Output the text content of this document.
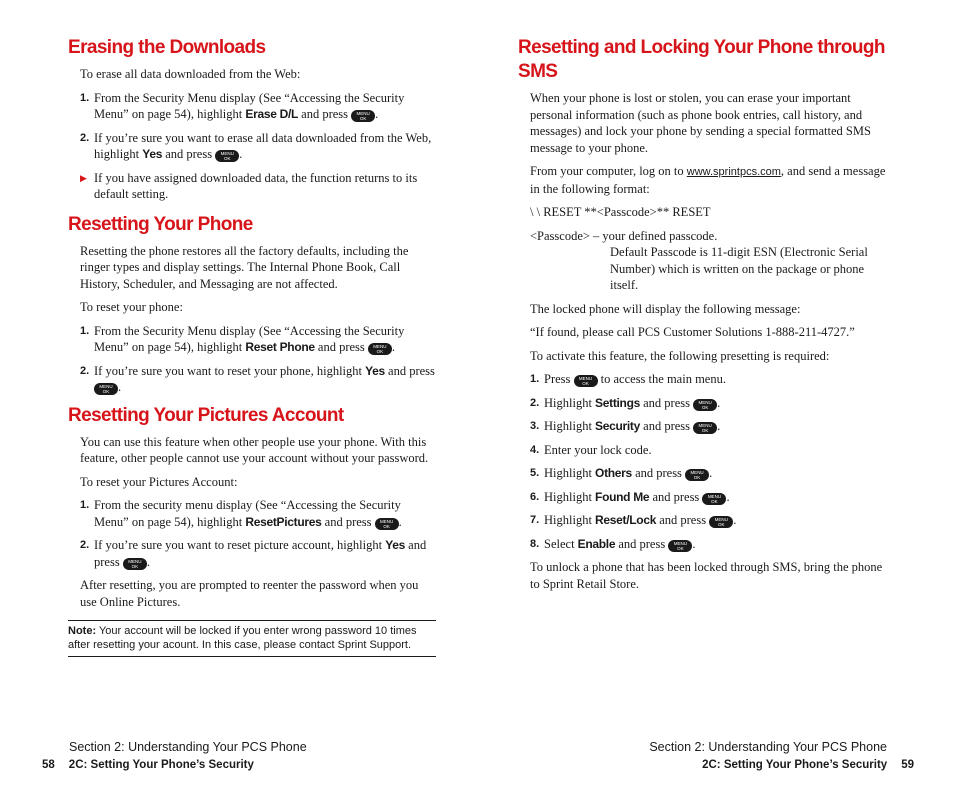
Erasing the Downloads

To erase all data downloaded from the Web:

1. From the Security Menu display (See “Accessing the Security Menu” on page 54), highlight Erase D/L and press	MENU
OK .
2. If you’re sure you want to erase all data downloaded from the Web, highlight Yes and press	MENU
OK .
▶ If you have assigned downloaded data, the function returns to its default setting.
Resetting Your Phone

Resetting the phone restores all the factory defaults, including the ringer types and display settings. The Internal Phone Book, Call History, Scheduler, and Messaging are not affected.

To reset your phone:

1. From the Security Menu display (See “Accessing the Security Menu” on page 54), highlight Reset Phone and press	MENU
OK .
2. If you’re sure you want to reset your phone, highlight Yes and press
MENU
OK .
Resetting Your Pictures Account

You can use this feature when other people use your phone. With this feature, other people cannot use your account without your password.

To reset your Pictures Account:

1. From the security menu display (See “Accessing the Security Menu” on page 54), highlight ResetPictures and press	MENU
OK .
2. If you’re sure you want to reset picture account, highlight Yes and press	MENU
OK .

After resetting, you are prompted to reenter the password when you use Online Pictures.

Note: Your account will be locked if you enter wrong password 10 times after resetting your acount. In this case, please contact Sprint Support.
Resetting and Locking Your Phone through SMS

When your phone is lost or stolen, you can erase your important personal information (such as phone book entries, call history, and messages) and lock your phone by sending a special formatted SMS message to your phone.

From your computer, log on to www.sprintpcs.com, and send a message in the following format:

\ \ RESET **<Passcode>** RESET

<Passcode> – your defined passcode.

Default Passcode is 11-digit ESN (Electronic Serial Number) which is written on the package or phone itself.

The locked phone will display the following message:

“If found, please call PCS Customer Solutions 1-888-211-4727.”

To activate this feature, the following presetting is required:

1. Press	MENU
OK to access the main menu.
2. Highlight Settings and press	MENU
OK .
3. Highlight Security and press	MENU
OK .
4. Enter your lock code.
5. Highlight Others and press	MENU
OK .
6. Highlight Found Me and press	MENU
OK .
7. Highlight Reset/Lock and press	MENU
OK .
8. Select Enable and press	MENU
OK .

To unlock a phone that has been locked through SMS, bring the phone to Sprint Retail Store.

Section 2: Understanding Your PCS Phone
58 2C: Setting Your Phone’s Security
Section 2: Understanding Your PCS Phone
2C: Setting Your Phone’s Security 59
